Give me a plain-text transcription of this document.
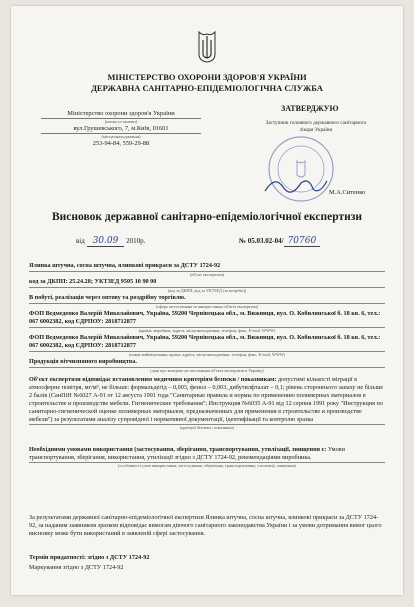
МІНІСТЕРСТВО ОХОРОНИ ЗДОРОВ'Я УКРАЇНИ
ДЕРЖАВНА САНІТАРНО-ЕПІДЕМІОЛОГІЧНА СЛУЖБА
Міністерство охорони здоров'я України
(назва установи)
вул.Грушевського, 7, м.Київ, 01601
(місцезнаходження)
253-94-84, 559-29-88
ЗАТВЕРДЖУЮ
Заступник головного державного санітарного лікаря України
М.А.Ситенко
Висновок державної санітарно-епідеміологічної експертизи
від 30.09 2010р.	№ 05.03.02-04/ 70760
Ялинка штучна, сосна штучна, ялинкові прикраси за ДСТУ 1724-92
(об'єкт експертизи)
код за ДКПП: 25.24.28; УКТЗЕД 9505 10 90 00
(код за ДКПП, код за УКТЗЕД (за потреби))
В побуті, реалізація через оптову та роздрібну торгівлю.
(сфера застосування та використання об'єкта експертизи)
ФОП Ведмеденко Валерій Миколайович, Україна, 59200 Чернівецька обл., м. Вижниця, вул. О. Кобилянської б. 18 кв. 6, тел.: 067 6002382, код ЄДРПОУ: 2818712877
(країна, виробник, адреса, місцезнаходження, телефон, факс, E-mail, WWW)
ФОП Ведмеденко Валерій Миколайович, Україна, 59200 Чернівецька обл., м. Вижниця, вул. О. Кобилянської б. 18 кв. 6, тел.: 067 6002382, код ЄДРПОУ: 2818712877
(повне найменування, країна, адреса, місцезнаходження, телефон, факс, E-mail, WWW)
Продукція вітчизняного виробництва.
(дані про контракт на постачання об'єкта експертизи в Україну)
Об'єкт експертизи відповідає встановленим медичним критеріям безпеки / показникам: допустимі кількості міграції в атмосферне повітря, мг/м³, не більше: формальдегід – 0,003, фенол – 0,003, дибутилфталат – 0,1; рівень стороннього запаху не більше 2 балів (СанПіН №6027 А-91 от 12 августа 1991 года "Санитарные правила и нормы по применению полимерных материалов в строительстве и производстве мебели. Гигиенические требования"; Инструкция №6035 А-91 від 12 серпня 1991 року "Инструкция по санитарно-гигиенической оценке полимерных материалов, предназначенных для применения в строительстве и производстве мебели") за результатами аналізу супровідної і нормативної документації, ідентифікації та контролю зразка
(критерії безпеки / показники)
Необхідними умовами використання (застосування, зберігання, транспортування, утилізації, знищення є: Умови транспортування, зберігання, використання, утилізації згідно з ДСТУ 1724-92, рекомендаціями виробника.
(особливості умов використання, застосування, зберігання, транспортування, утилізації, знищення)
За результатами державної санітарно-епідеміологічної експертизи Ялинка штучна, сосна штучна, ялинкові прикраси за ДСТУ 1724-92, за наданим заявником зразком відповідає вимогам діючого санітарного законодавства України і за умови дотримання вимог цього висновку може бути використаний в заявленій сфері застосування.
Термін придатності: згідно з ДСТУ 1724-92
Маркування згідно з ДСТУ 1724-92
